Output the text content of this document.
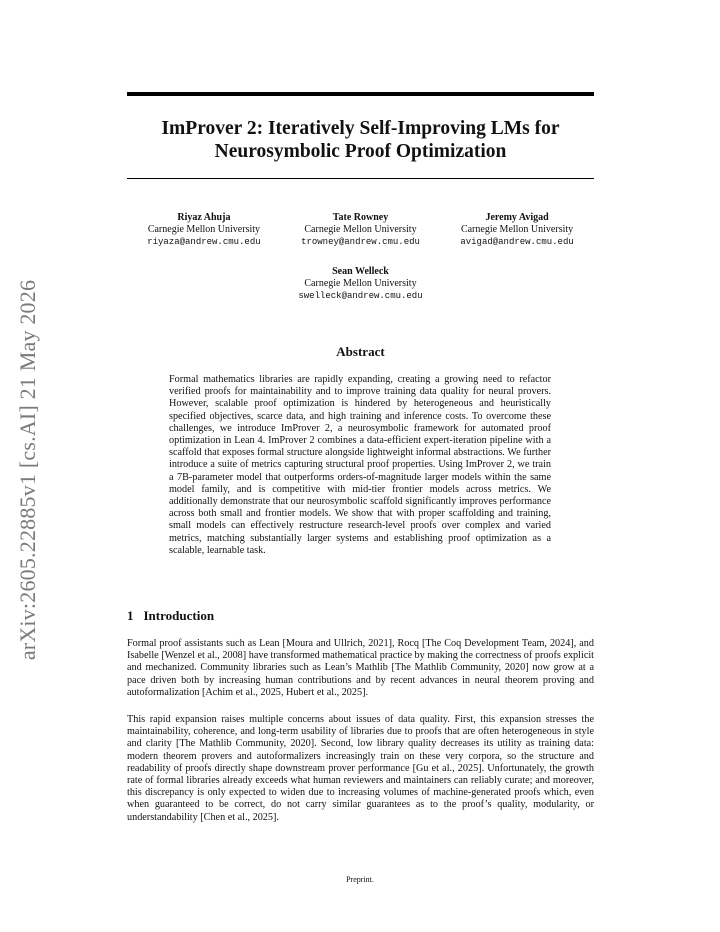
arXiv:2605.22885v1 [cs.AI] 21 May 2026
ImProver 2: Iteratively Self-Improving LMs for Neurosymbolic Proof Optimization
Riyaz Ahuja
Carnegie Mellon University
riyaza@andrew.cmu.edu
Tate Rowney
Carnegie Mellon University
trowney@andrew.cmu.edu
Jeremy Avigad
Carnegie Mellon University
avigad@andrew.cmu.edu
Sean Welleck
Carnegie Mellon University
swelleck@andrew.cmu.edu
Abstract
Formal mathematics libraries are rapidly expanding, creating a growing need to refactor verified proofs for maintainability and to improve training data quality for neural provers. However, scalable proof optimization is hindered by heterogeneous and heuristically specified objectives, scarce data, and high training and inference costs. To overcome these challenges, we introduce ImProver 2, a neurosymbolic framework for automated proof optimization in Lean 4. ImProver 2 combines a data-efficient expert-iteration pipeline with a scaffold that exposes formal structure alongside lightweight informal abstractions. We further introduce a suite of metrics capturing structural proof properties. Using ImProver 2, we train a 7B-parameter model that outperforms orders-of-magnitude larger models within the same model family, and is competitive with mid-tier frontier models across metrics. We additionally demonstrate that our neurosymbolic scaffold significantly improves performance across both small and frontier models. We show that with proper scaffolding and training, small models can effectively restructure research-level proofs over complex and varied metrics, matching substantially larger systems and establishing proof optimization as a scalable, learnable task.
1 Introduction
Formal proof assistants such as Lean [Moura and Ullrich, 2021], Rocq [The Coq Development Team, 2024], and Isabelle [Wenzel et al., 2008] have transformed mathematical practice by making the correctness of proofs explicit and mechanized. Community libraries such as Lean’s Mathlib [The Mathlib Community, 2020] now grow at a pace driven both by increasing human contributions and by recent advances in neural theorem proving and autoformalization [Achim et al., 2025, Hubert et al., 2025].
This rapid expansion raises multiple concerns about issues of data quality. First, this expansion stresses the maintainability, coherence, and long-term usability of libraries due to proofs that are often heterogeneous in style and clarity [The Mathlib Community, 2020]. Second, low library quality decreases its utility as training data: modern theorem provers and autoformalizers increasingly train on these very corpora, so the structure and readability of proofs directly shape downstream prover performance [Gu et al., 2025]. Unfortunately, the growth rate of formal libraries already exceeds what human reviewers and maintainers can reliably curate; and moreover, this discrepancy is only expected to widen due to increasing volumes of machine-generated proofs which, even when guaranteed to be correct, do not carry similar guarantees as to the proof’s quality, modularity, or understandability [Chen et al., 2025].
Preprint.
